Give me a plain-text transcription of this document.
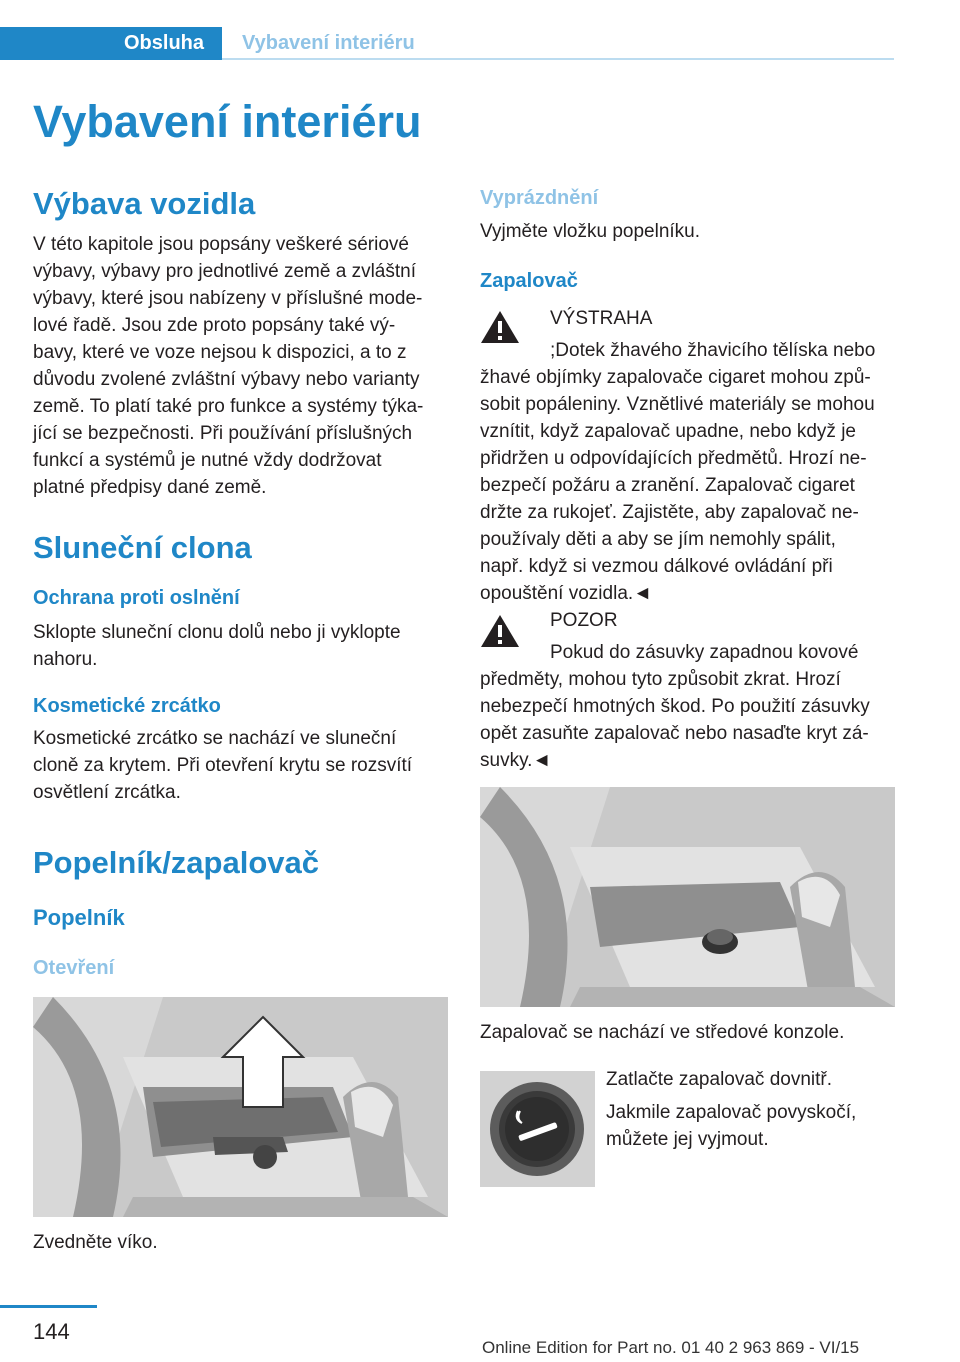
Obsluha Vybavení interiéru
Vybavení interiéru
Výbava vozidla
V této kapitole jsou popsány veškeré sériové
výbavy, výbavy pro jednotlivé země a zvláštní
výbavy, které jsou nabízeny v příslušné mode‐
lové řadě. Jsou zde proto popsány také vý‐
bavy, které ve voze nejsou k dispozici, a to z
důvodu zvolené zvláštní výbavy nebo varianty
země. To platí také pro funkce a systémy týka‐
jící se bezpečnosti. Při používání příslušných
funkcí a systémů je nutné vždy dodržovat
platné předpisy dané země.
Sluneční clona
Ochrana proti oslnění
Sklopte sluneční clonu dolů nebo ji vyklopte
nahoru.
Kosmetické zrcátko
Kosmetické zrcátko se nachází ve sluneční
cloně za krytem. Při otevření krytu se rozsvítí
osvětlení zrcátka.
Popelník/zapalovač
Popelník
Otevření
Zvedněte víko.
Vyprázdnění
Vyjměte vložku popelníku.
Zapalovač
VÝSTRAHA
;Dotek žhavého žhavicího tělíska nebo
žhavé objímky zapalovače cigaret mohou způ‐
sobit popáleniny. Vznětlivé materiály se mohou
vznítit, když zapalovač upadne, nebo když je
přidržen u odpovídajících předmětů. Hrozí ne‐
bezpečí požáru a zranění. Zapalovač cigaret
držte za rukojeť. Zajistěte, aby zapalovač ne‐
používaly děti a aby se jím nemohly spálit,
např. když si vezmou dálkové ovládání při
opouštění vozidla.◄
POZOR
Pokud do zásuvky zapadnou kovové
předměty, mohou tyto způsobit zkrat. Hrozí
nebezpečí hmotných škod. Po použití zásuvky
opět zasuňte zapalovač nebo nasaďte kryt zá‐
suvky.◄
Zapalovač se nachází ve středové konzole.
Zatlačte zapalovač dovnitř.
Jakmile zapalovač povyskočí,
můžete jej vyjmout.
144
Online Edition for Part no. 01 40 2 963 869 - VI/15
